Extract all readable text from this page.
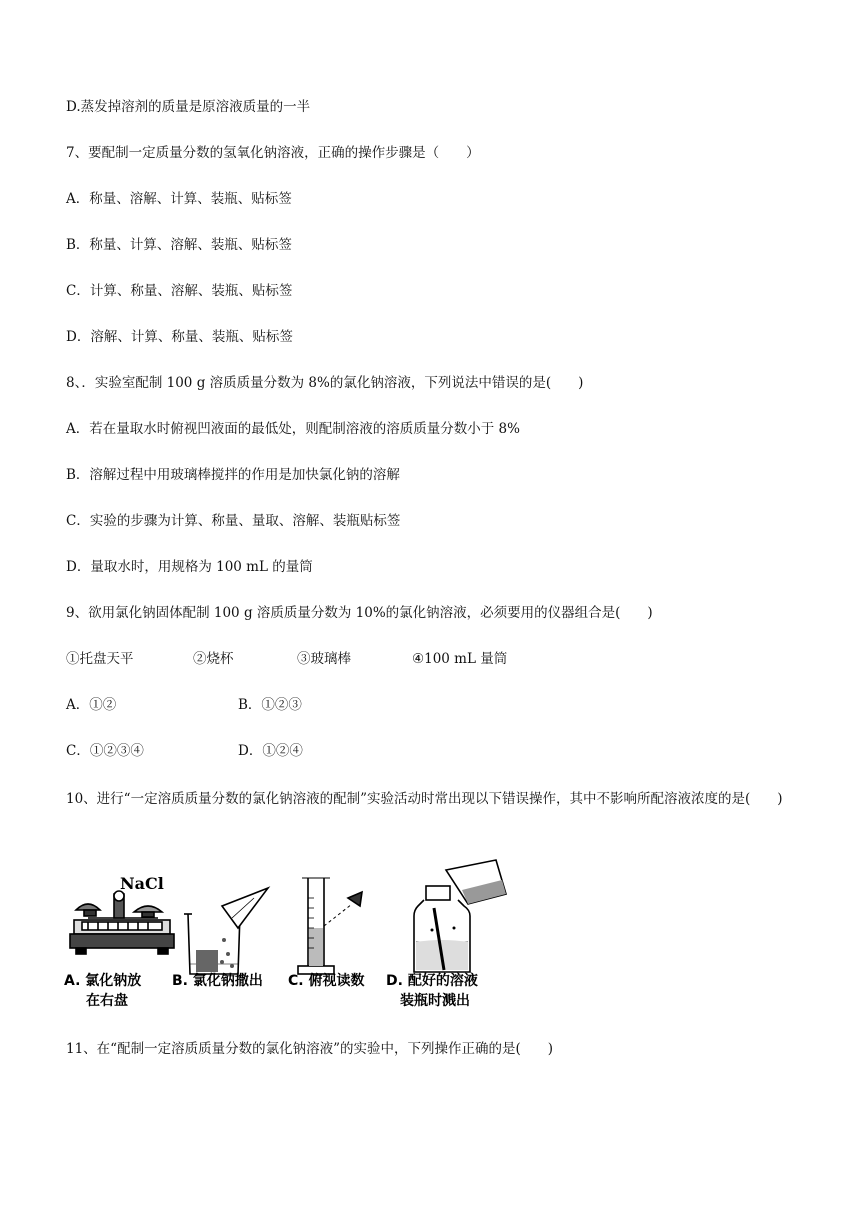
D.蒸发掉溶剂的质量是原溶液质量的一半
7、要配制一定质量分数的氢氧化钠溶液，正确的操作步骤是（　　）
A．称量、溶解、计算、装瓶、贴标签
B．称量、计算、溶解、装瓶、贴标签
C．计算、称量、溶解、装瓶、贴标签
D．溶解、计算、称量、装瓶、贴标签
8、．实验室配制 100 g 溶质质量分数为 8%的氯化钠溶液，下列说法中错误的是(　　)
A．若在量取水时俯视凹液面的最低处，则配制溶液的溶质质量分数小于 8%
B．溶解过程中用玻璃棒搅拌的作用是加快氯化钠的溶解
C．实验的步骤为计算、称量、量取、溶解、装瓶贴标签
D．量取水时，用规格为 100 mL 的量筒
9、欲用氯化钠固体配制 100 g 溶质质量分数为 10%的氯化钠溶液，必须要用的仪器组合是(　　)
①托盘天平	②烧杯	③玻璃棒	④100 mL 量筒
A．①②	B．①②③
C．①②③④	D．①②④
10、进行“一定溶质质量分数的氯化钠溶液的配制”实验活动时常出现以下错误操作，其中不影响所配溶液浓度的是(　　)
NaCl
A. 氯化钠放
在右盘
B. 氯化钠撒出 C. 俯视读数 D. 配好的溶液
装瓶时溅出
11、在“配制一定溶质质量分数的氯化钠溶液”的实验中，下列操作正确的是(　　)
